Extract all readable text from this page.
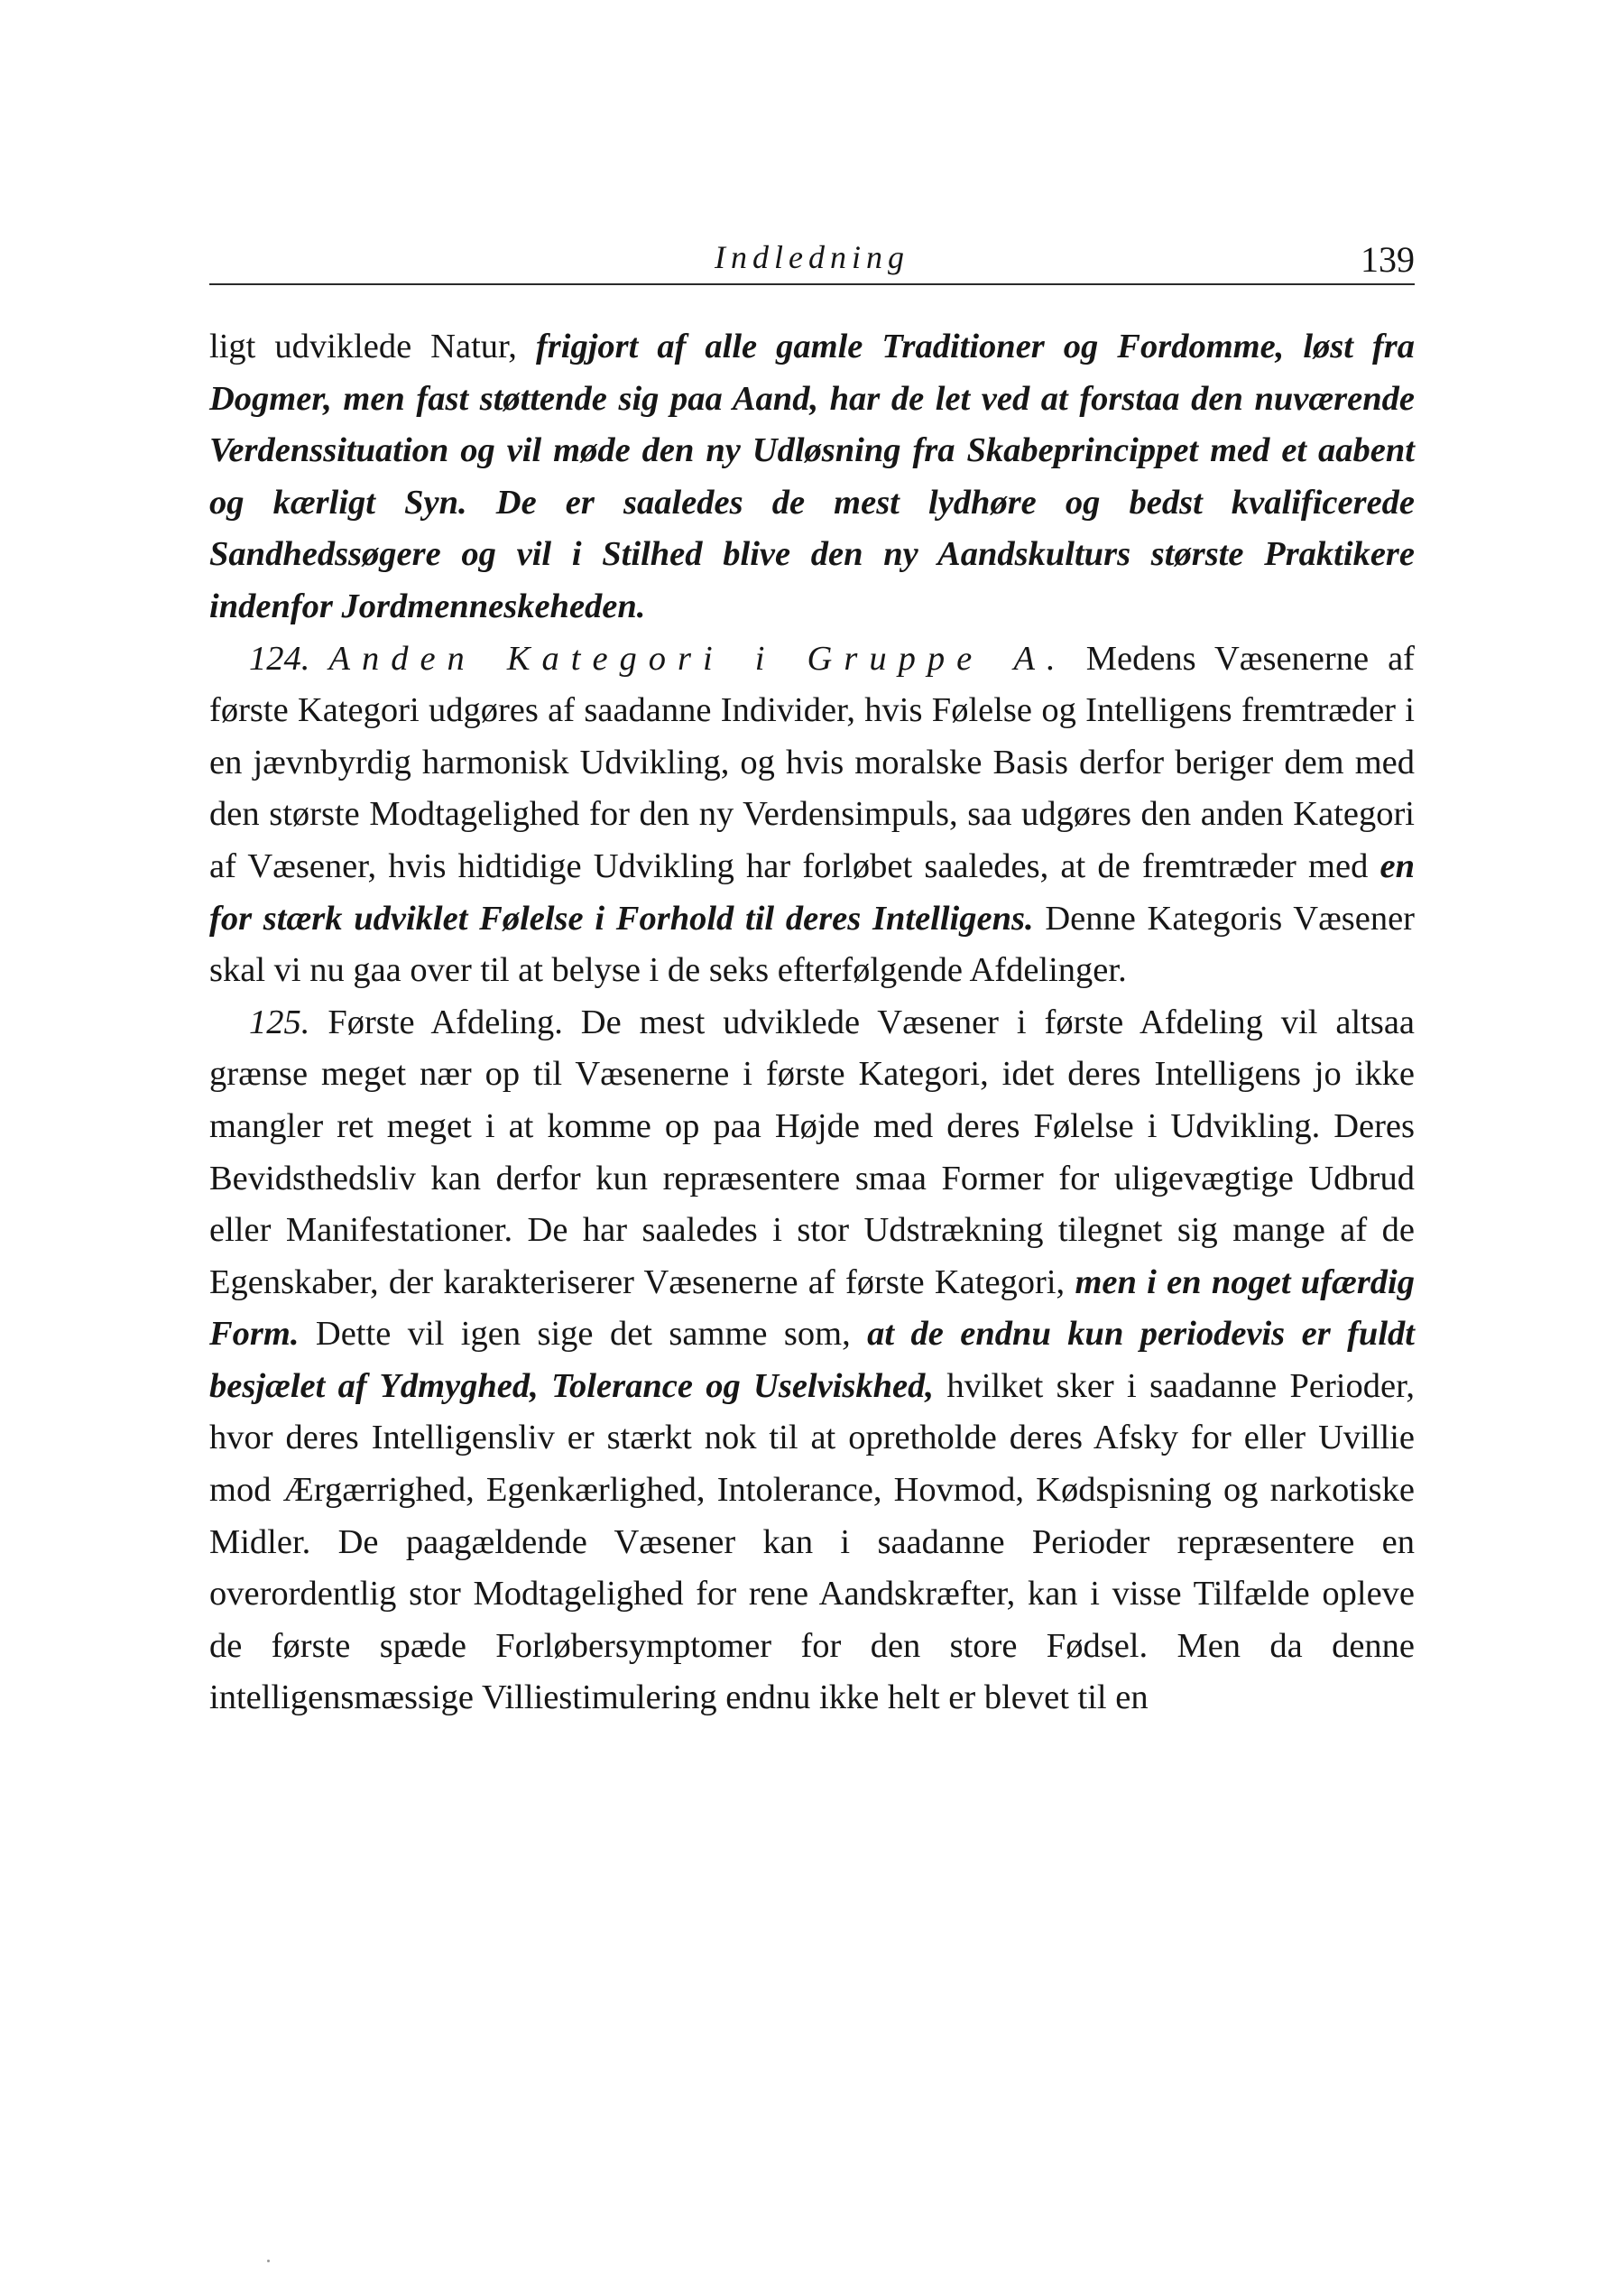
Indledning	139

ligt udviklede Natur, frigjort af alle gamle Traditioner og Fordomme, løst fra Dogmer, men fast støttende sig paa Aand, har de let ved at forstaa den nuværende Verdenssituation og vil møde den ny Udløsning fra Skabeprincippet med et aabent og kærligt Syn. De er saaledes de mest lydhøre og bedst kvalificerede Sandhedssøgere og vil i Stilhed blive den ny Aandskulturs største Praktikere indenfor Jordmenneskeheden.

124. Anden Kategori i Gruppe A. Medens Væsenerne af første Kategori udgøres af saadanne Individer, hvis Følelse og Intelligens fremtræder i en jævnbyrdig harmonisk Udvikling, og hvis moralske Basis derfor beriger dem med den største Modtagelighed for den ny Verdensimpuls, saa udgøres den anden Kategori af Væsener, hvis hidtidige Udvikling har forløbet saaledes, at de fremtræder med en for stærk udviklet Følelse i Forhold til deres Intelligens. Denne Kategoris Væsener skal vi nu gaa over til at belyse i de seks efterfølgende Afdelinger.

125. Første Afdeling. De mest udviklede Væsener i første Afdeling vil altsaa grænse meget nær op til Væsenerne i første Kategori, idet deres Intelligens jo ikke mangler ret meget i at komme op paa Højde med deres Følelse i Udvikling. Deres Bevidsthedsliv kan derfor kun repræsentere smaa Former for uligevægtige Udbrud eller Manifestationer. De har saaledes i stor Udstrækning tilegnet sig mange af de Egenskaber, der karakteriserer Væsenerne af første Kategori, men i en noget ufærdig Form. Dette vil igen sige det samme som, at de endnu kun periodevis er fuldt besjælet af Ydmyghed, Tolerance og Uselviskhed, hvilket sker i saadanne Perioder, hvor deres Intelligensliv er stærkt nok til at opretholde deres Afsky for eller Uvillie mod Ærgærrighed, Egenkærlighed, Intolerance, Hovmod, Kødspisning og narkotiske Midler. De paagældende Væsener kan i saadanne Perioder repræsentere en overordentlig stor Modtagelighed for rene Aandskræfter, kan i visse Tilfælde opleve de første spæde Forløbersymptomer for den store Fødsel. Men da denne intelligensmæssige Villiestimulering endnu ikke helt er blevet til en
